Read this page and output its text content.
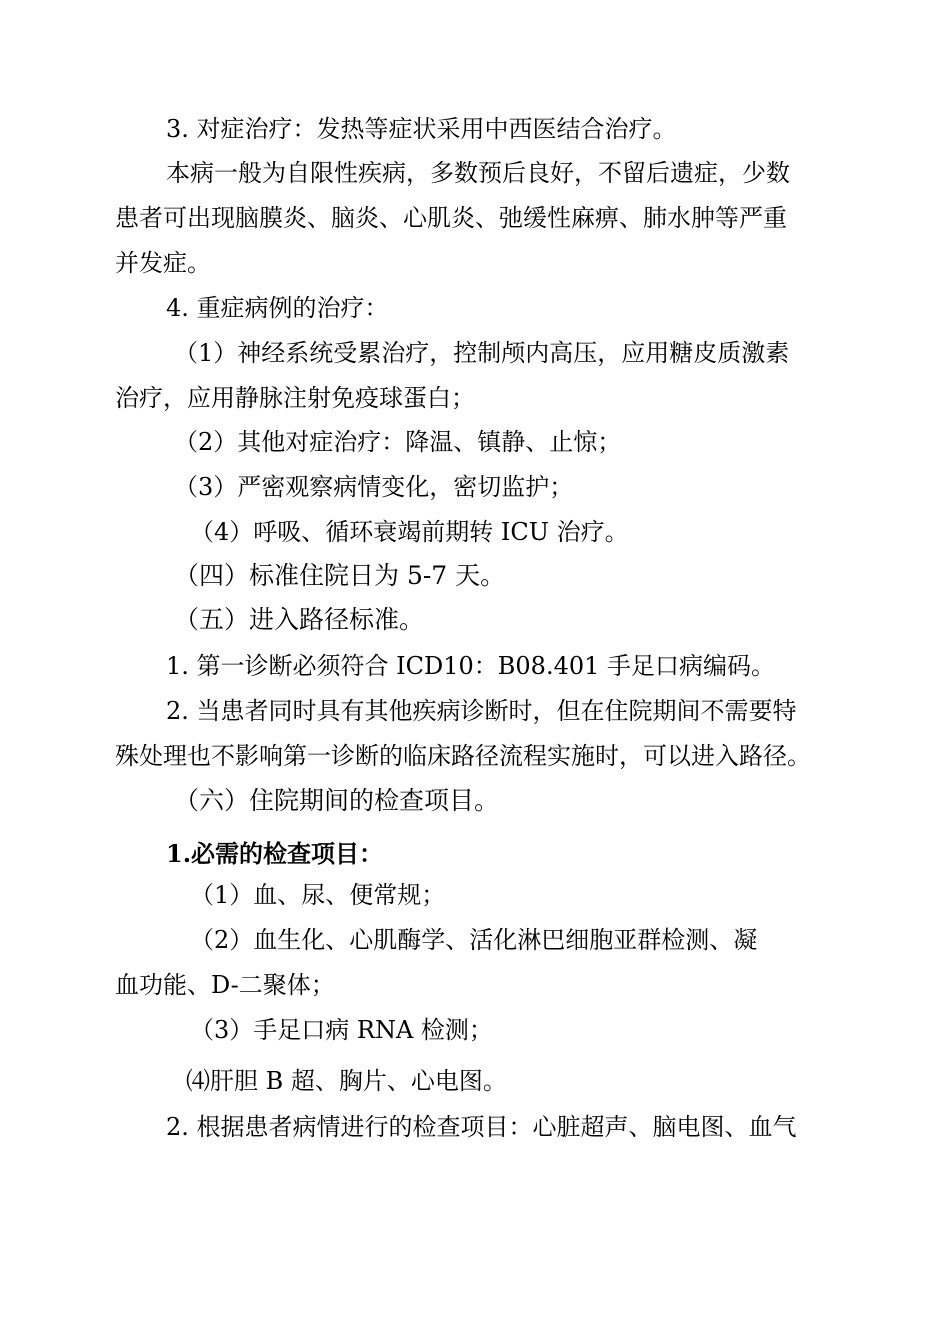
3. 对症治疗：发热等症状采用中西医结合治疗。
本病一般为自限性疾病，多数预后良好，不留后遗症，少数
患者可出现脑膜炎、脑炎、心肌炎、弛缓性麻痹、肺水肿等严重
并发症。
4. 重症病例的治疗：
（1）神经系统受累治疗，控制颅内高压，应用糖皮质激素
治疗，应用静脉注射免疫球蛋白；
（2）其他对症治疗：降温、镇静、止惊；
（3）严密观察病情变化，密切监护；
（4）呼吸、循环衰竭前期转 ICU 治疗。
（四）标准住院日为 5-7 天。
（五）进入路径标准。
1. 第一诊断必须符合 ICD10：B08.401 手足口病编码。
2. 当患者同时具有其他疾病诊断时，但在住院期间不需要特
殊处理也不影响第一诊断的临床路径流程实施时，可以进入路径。
（六）住院期间的检查项目。
1.必需的检查项目：
（1）血、尿、便常规；
（2）血生化、心肌酶学、活化淋巴细胞亚群检测、凝
血功能、D-二聚体；
（3）手足口病 RNA 检测；
⑷肝胆 B 超、胸片、心电图。
2. 根据患者病情进行的检查项目：心脏超声、脑电图、血气
